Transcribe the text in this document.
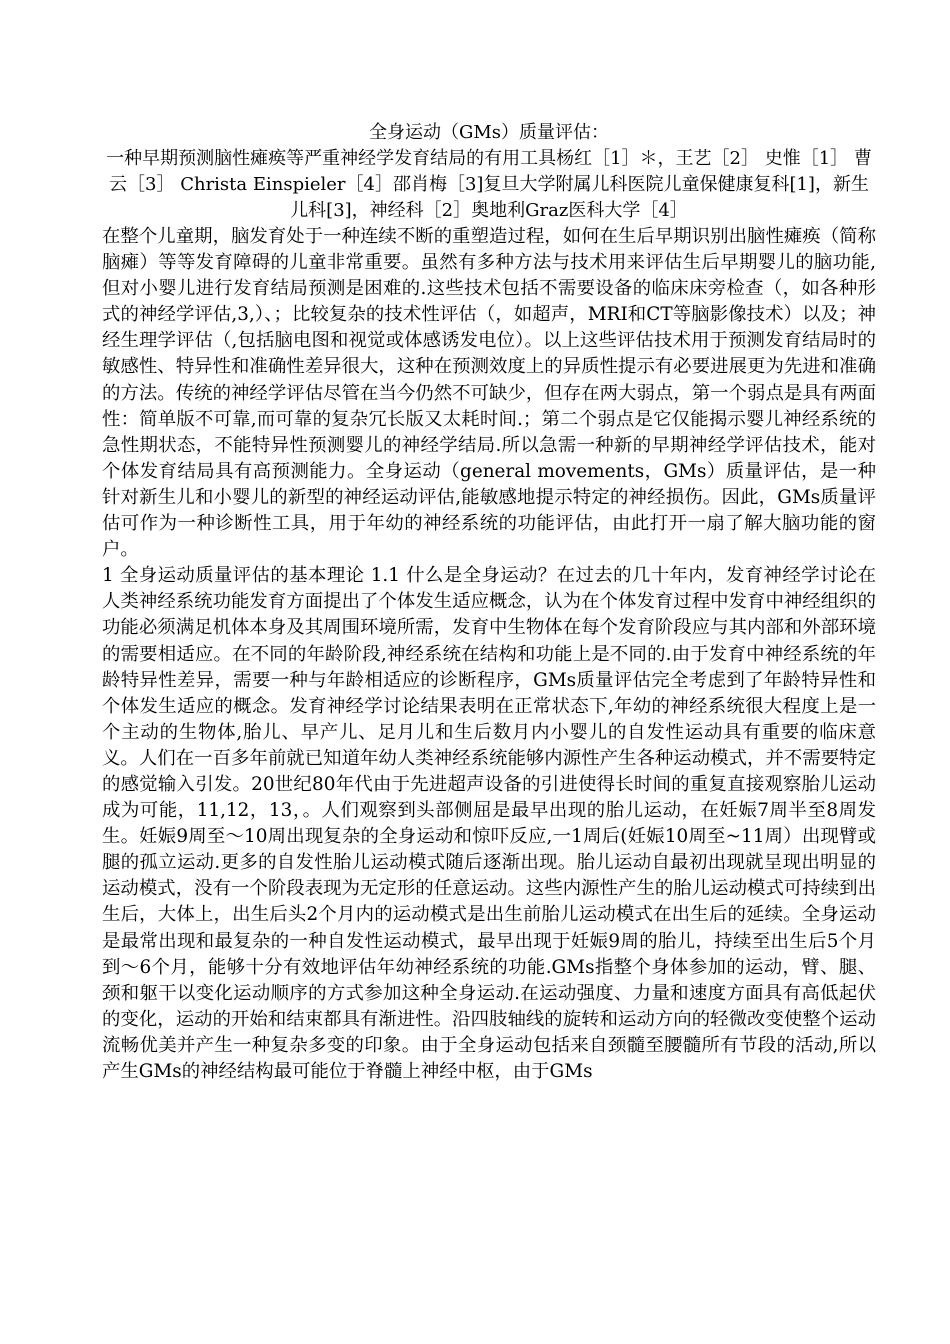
全身运动（GMs）质量评估：

一种早期预测脑性瘫痪等严重神经学发育结局的有用工具杨红［1］＊，王艺［2］ 史惟［1］ 曹云［3］ Christa Einspieler［4］邵肖梅［3]复旦大学附属儿科医院儿童保健康复科[1]，新生儿科[3]，神经科［2］奥地利Graz医科大学［4］

在整个儿童期，脑发育处于一种连续不断的重塑造过程，如何在生后早期识别出脑性瘫痪（简称脑瘫）等等发育障碍的儿童非常重要。虽然有多种方法与技术用来评估生后早期婴儿的脑功能,但对小婴儿进行发育结局预测是困难的.这些技术包括不需要设备的临床床旁检查（，如各种形式的神经学评估,3,）、；比较复杂的技术性评估（，如超声，MRI和CT等脑影像技术）以及；神经生理学评估（,包括脑电图和视觉或体感诱发电位）。以上这些评估技术用于预测发育结局时的敏感性、特异性和准确性差异很大，这种在预测效度上的异质性提示有必要进展更为先进和准确的方法。传统的神经学评估尽管在当今仍然不可缺少，但存在两大弱点，第一个弱点是具有两面性：简单版不可靠,而可靠的复杂冗长版又太耗时间.；第二个弱点是它仅能揭示婴儿神经系统的急性期状态，不能特异性预测婴儿的神经学结局.所以急需一种新的早期神经学评估技术，能对个体发育结局具有高预测能力。全身运动（general movements，GMs）质量评估，是一种针对新生儿和小婴儿的新型的神经运动评估,能敏感地提示特定的神经损伤。因此，GMs质量评估可作为一种诊断性工具，用于年幼的神经系统的功能评估，由此打开一扇了解大脑功能的窗户。

1 全身运动质量评估的基本理论 1.1 什么是全身运动？在过去的几十年内，发育神经学讨论在人类神经系统功能发育方面提出了个体发生适应概念，认为在个体发育过程中发育中神经组织的功能必须满足机体本身及其周围环境所需，发育中生物体在每个发育阶段应与其内部和外部环境的需要相适应。在不同的年龄阶段,神经系统在结构和功能上是不同的.由于发育中神经系统的年龄特异性差异，需要一种与年龄相适应的诊断程序，GMs质量评估完全考虑到了年龄特异性和个体发生适应的概念。发育神经学讨论结果表明在正常状态下,年幼的神经系统很大程度上是一个主动的生物体,胎儿、早产儿、足月儿和生后数月内小婴儿的自发性运动具有重要的临床意义。人们在一百多年前就已知道年幼人类神经系统能够内源性产生各种运动模式，并不需要特定的感觉输入引发。20世纪80年代由于先进超声设备的引进使得长时间的重复直接观察胎儿运动成为可能，11,12，13，。人们观察到头部侧屈是最早出现的胎儿运动，在妊娠7周半至8周发生。妊娠9周至～10周出现复杂的全身运动和惊吓反应,一1周后(妊娠10周至~11周）出现臂或腿的孤立运动.更多的自发性胎儿运动模式随后逐渐出现。胎儿运动自最初出现就呈现出明显的运动模式，没有一个阶段表现为无定形的任意运动。这些内源性产生的胎儿运动模式可持续到出生后，大体上，出生后头2个月内的运动模式是出生前胎儿运动模式在出生后的延续。全身运动是最常出现和最复杂的一种自发性运动模式，最早出现于妊娠9周的胎儿，持续至出生后5个月到～6个月，能够十分有效地评估年幼神经系统的功能.GMs指整个身体参加的运动，臂、腿、颈和躯干以变化运动顺序的方式参加这种全身运动.在运动强度、力量和速度方面具有高低起伏的变化，运动的开始和结束都具有渐进性。沿四肢轴线的旋转和运动方向的轻微改变使整个运动流畅优美并产生一种复杂多变的印象。由于全身运动包括来自颈髓至腰髓所有节段的活动,所以产生GMs的神经结构最可能位于脊髓上神经中枢，由于GMs
